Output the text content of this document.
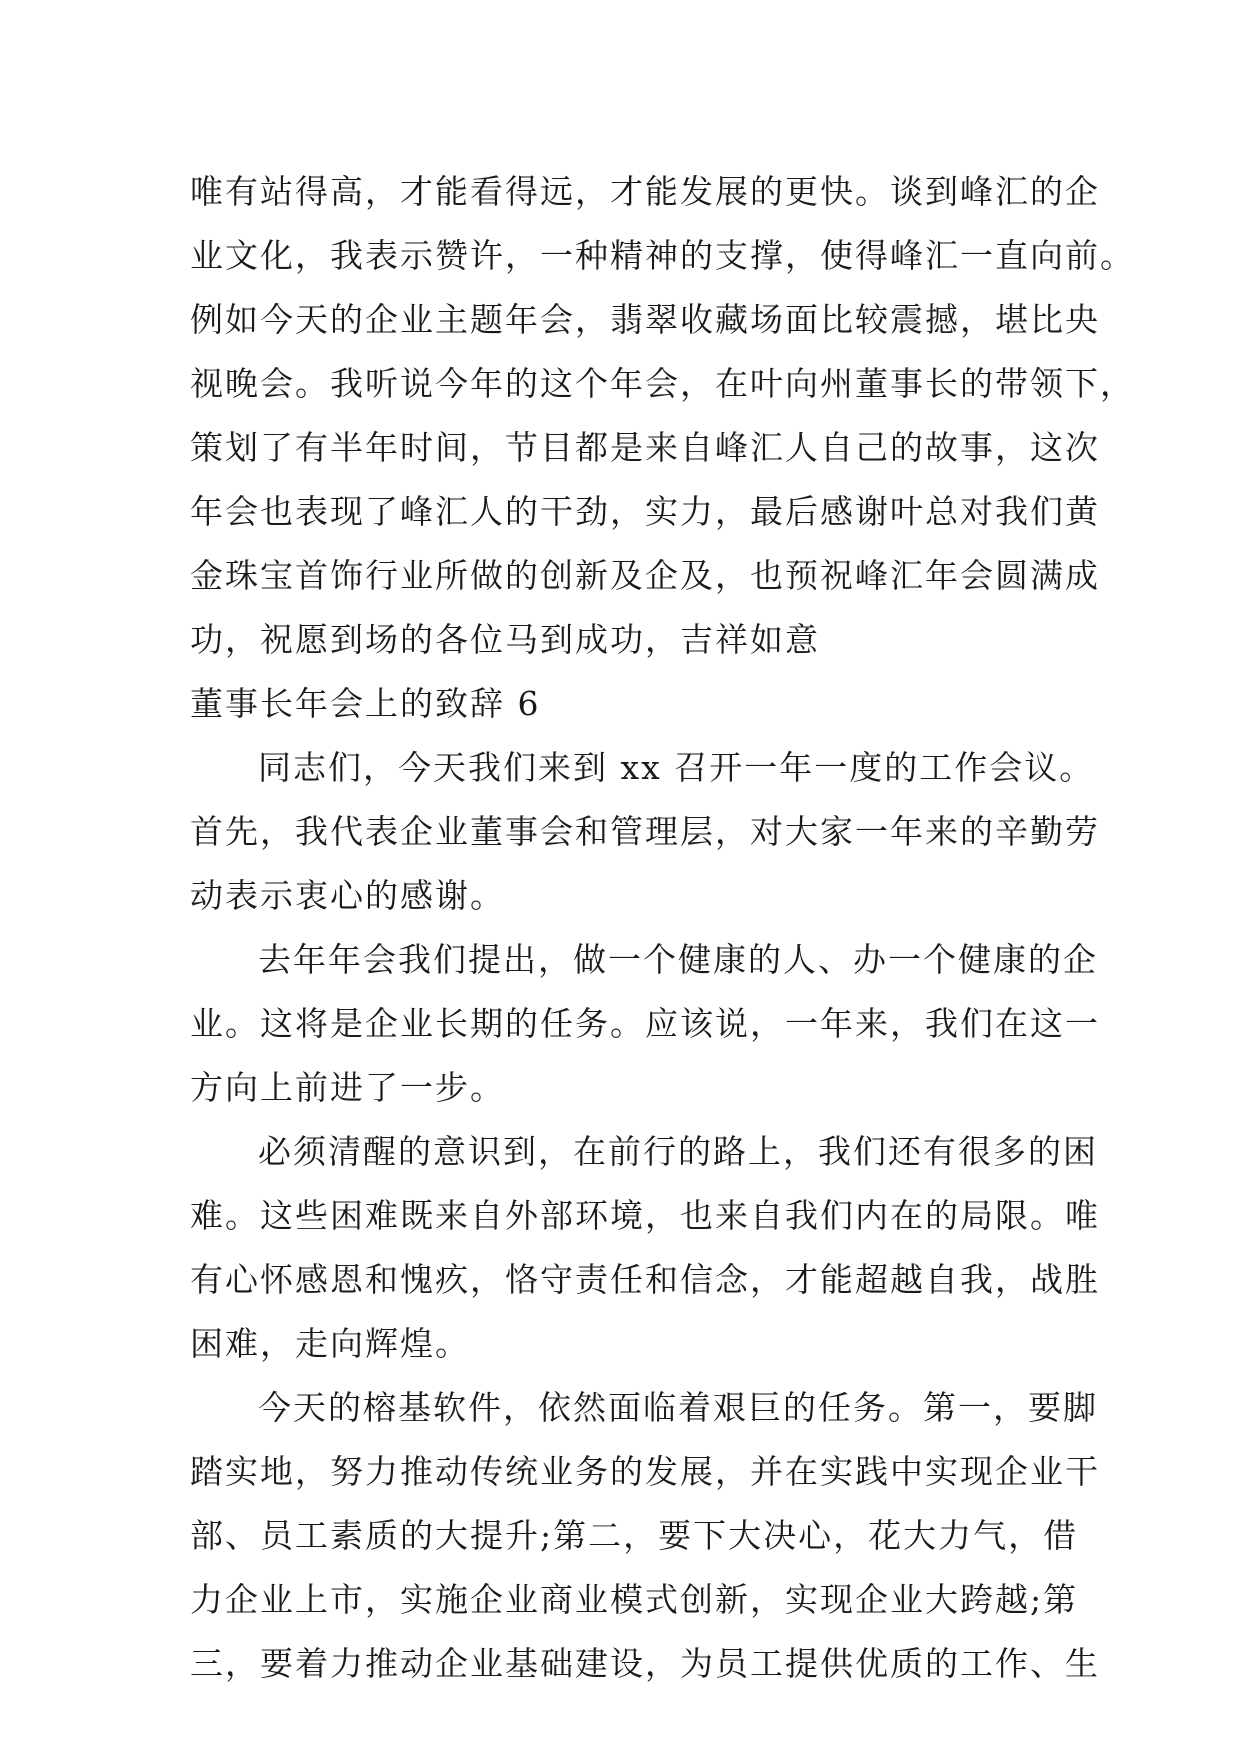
唯有站得高，才能看得远，才能发展的更快。谈到峰汇的企
业文化，我表示赞许，一种精神的支撑，使得峰汇一直向前。
例如今天的企业主题年会，翡翠收藏场面比较震撼，堪比央
视晚会。我听说今年的这个年会，在叶向州董事长的带领下，
策划了有半年时间，节目都是来自峰汇人自己的故事，这次
年会也表现了峰汇人的干劲，实力，最后感谢叶总对我们黄
金珠宝首饰行业所做的创新及企及，也预祝峰汇年会圆满成
功，祝愿到场的各位马到成功，吉祥如意
董事长年会上的致辞 6
同志们，今天我们来到 xx 召开一年一度的工作会议。
首先，我代表企业董事会和管理层，对大家一年来的辛勤劳
动表示衷心的感谢。
去年年会我们提出，做一个健康的人、办一个健康的企
业。这将是企业长期的任务。应该说，一年来，我们在这一
方向上前进了一步。
必须清醒的意识到，在前行的路上，我们还有很多的困
难。这些困难既来自外部环境，也来自我们内在的局限。唯
有心怀感恩和愧疚，恪守责任和信念，才能超越自我，战胜
困难，走向辉煌。
今天的榕基软件，依然面临着艰巨的任务。第一，要脚
踏实地，努力推动传统业务的发展，并在实践中实现企业干
部、员工素质的大提升;第二，要下大决心，花大力气，借
力企业上市，实施企业商业模式创新，实现企业大跨越;第
三，要着力推动企业基础建设，为员工提供优质的工作、生
